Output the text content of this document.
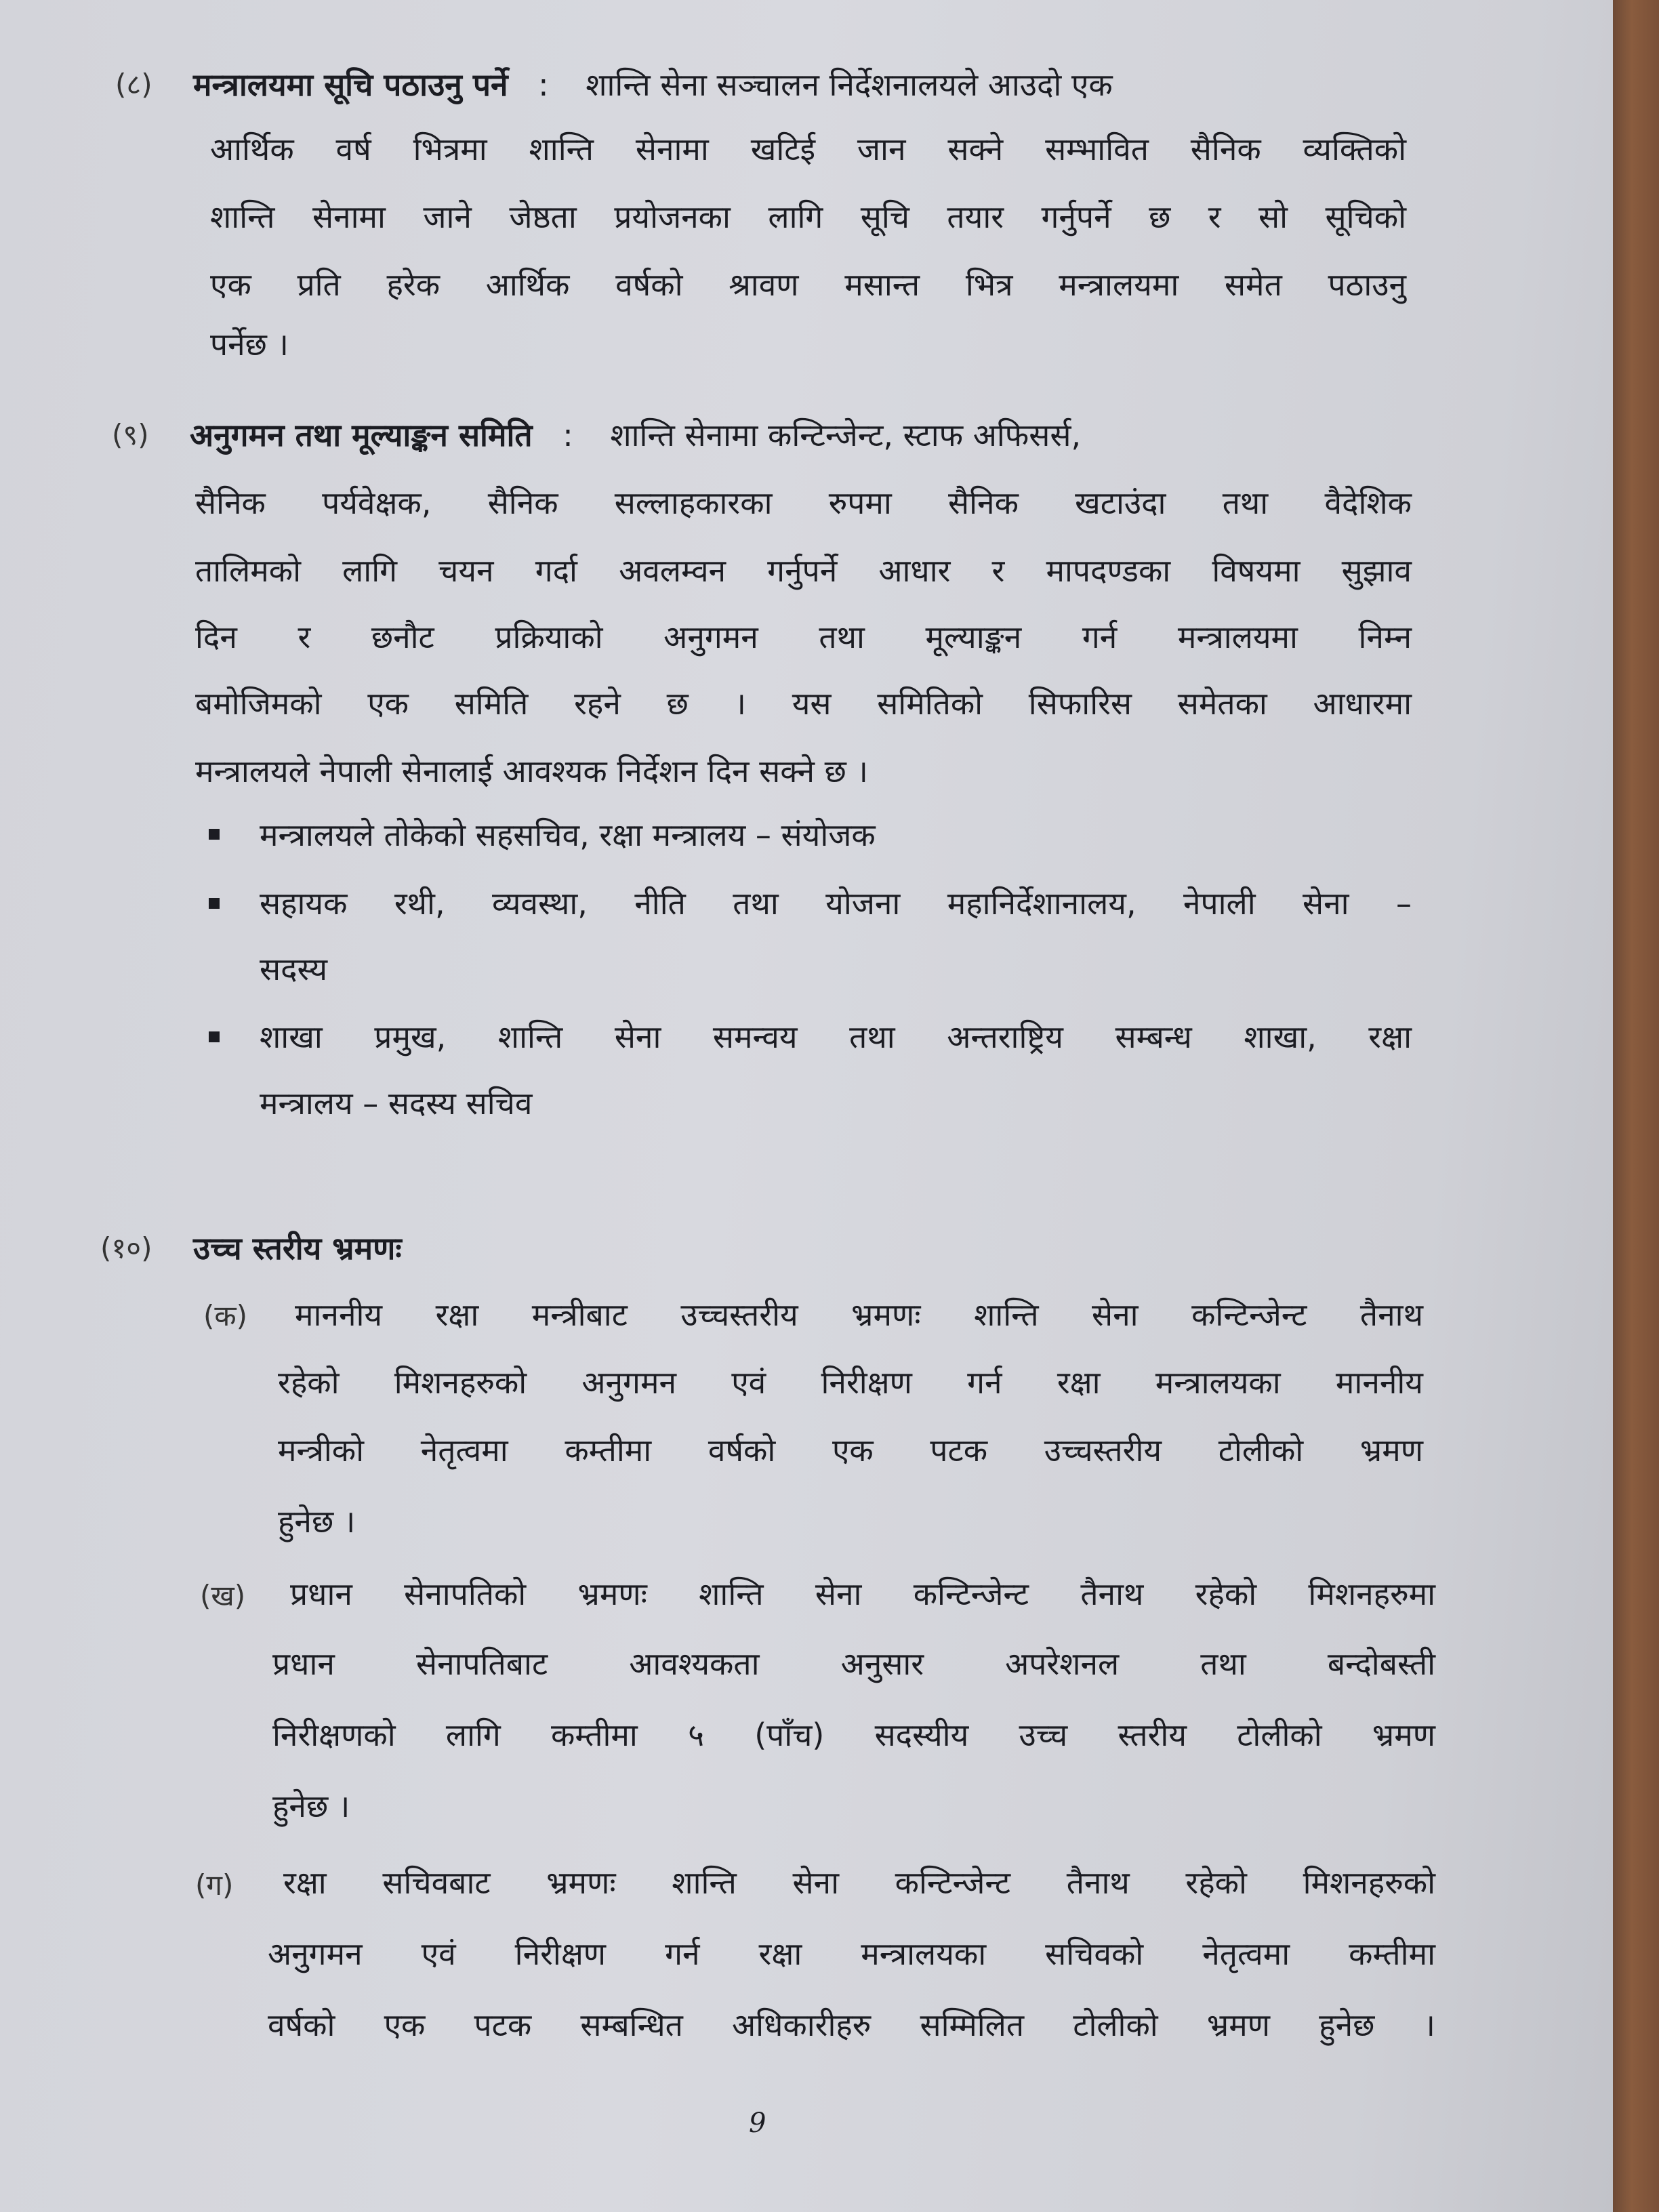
(८) मन्त्रालयमा सूचि पठाउनु पर्ने : शान्ति सेना सञ्चालन निर्देशनालयले आउदो एक
आर्थिक वर्ष भित्रमा शान्ति सेनामा खटिई जान सक्ने सम्भावित सैनिक व्यक्तिको
शान्ति सेनामा जाने जेष्ठता प्रयोजनका लागि सूचि तयार गर्नुपर्ने छ र सो सूचिको
एक प्रति हरेक आर्थिक वर्षको श्रावण मसान्त भित्र मन्त्रालयमा समेत पठाउनु
पर्नेछ ।
(९) अनुगमन तथा मूल्याङ्कन समिति : शान्ति सेनामा कन्टिन्जेन्ट, स्टाफ अफिसर्स,
सैनिक पर्यवेक्षक, सैनिक सल्लाहकारका रुपमा सैनिक खटाउंदा तथा वैदेशिक
तालिमको लागि चयन गर्दा अवलम्वन गर्नुपर्ने आधार र मापदण्डका विषयमा सुझाव
दिन र छनौट प्रक्रियाको अनुगमन तथा मूल्याङ्कन गर्न मन्त्रालयमा निम्न
बमोजिमको एक समिति रहने छ । यस समितिको सिफारिस समेतका आधारमा
मन्त्रालयले नेपाली सेनालाई आवश्यक निर्देशन दिन सक्ने छ ।
मन्त्रालयले तोकेको सहसचिव, रक्षा मन्त्रालय – संयोजक
सहायक रथी, व्यवस्था, नीति तथा योजना महानिर्देशानालय, नेपाली सेना –
सदस्य
शाखा प्रमुख, शान्ति सेना समन्वय तथा अन्तराष्ट्रिय सम्बन्ध शाखा, रक्षा
मन्त्रालय – सदस्य सचिव
(१०) उच्च स्तरीय भ्रमणः
(क) माननीय रक्षा मन्त्रीबाट उच्चस्तरीय भ्रमणः शान्ति सेना कन्टिन्जेन्ट तैनाथ
रहेको मिशनहरुको अनुगमन एवं निरीक्षण गर्न रक्षा मन्त्रालयका माननीय
मन्त्रीको नेतृत्वमा कम्तीमा वर्षको एक पटक उच्चस्तरीय टोलीको भ्रमण
हुनेछ ।
(ख) प्रधान सेनापतिको भ्रमणः शान्ति सेना कन्टिन्जेन्ट तैनाथ रहेको मिशनहरुमा
प्रधान सेनापतिबाट आवश्यकता अनुसार अपरेशनल तथा बन्दोबस्ती
निरीक्षणको लागि कम्तीमा ५ (पाँच) सदस्यीय उच्च स्तरीय टोलीको भ्रमण
हुनेछ ।
(ग) रक्षा सचिवबाट भ्रमणः शान्ति सेना कन्टिन्जेन्ट तैनाथ रहेको मिशनहरुको
अनुगमन एवं निरीक्षण गर्न रक्षा मन्त्रालयका सचिवको नेतृत्वमा कम्तीमा
वर्षको एक पटक सम्बन्धित अधिकारीहरु सम्मिलित टोलीको भ्रमण हुनेछ ।
9
